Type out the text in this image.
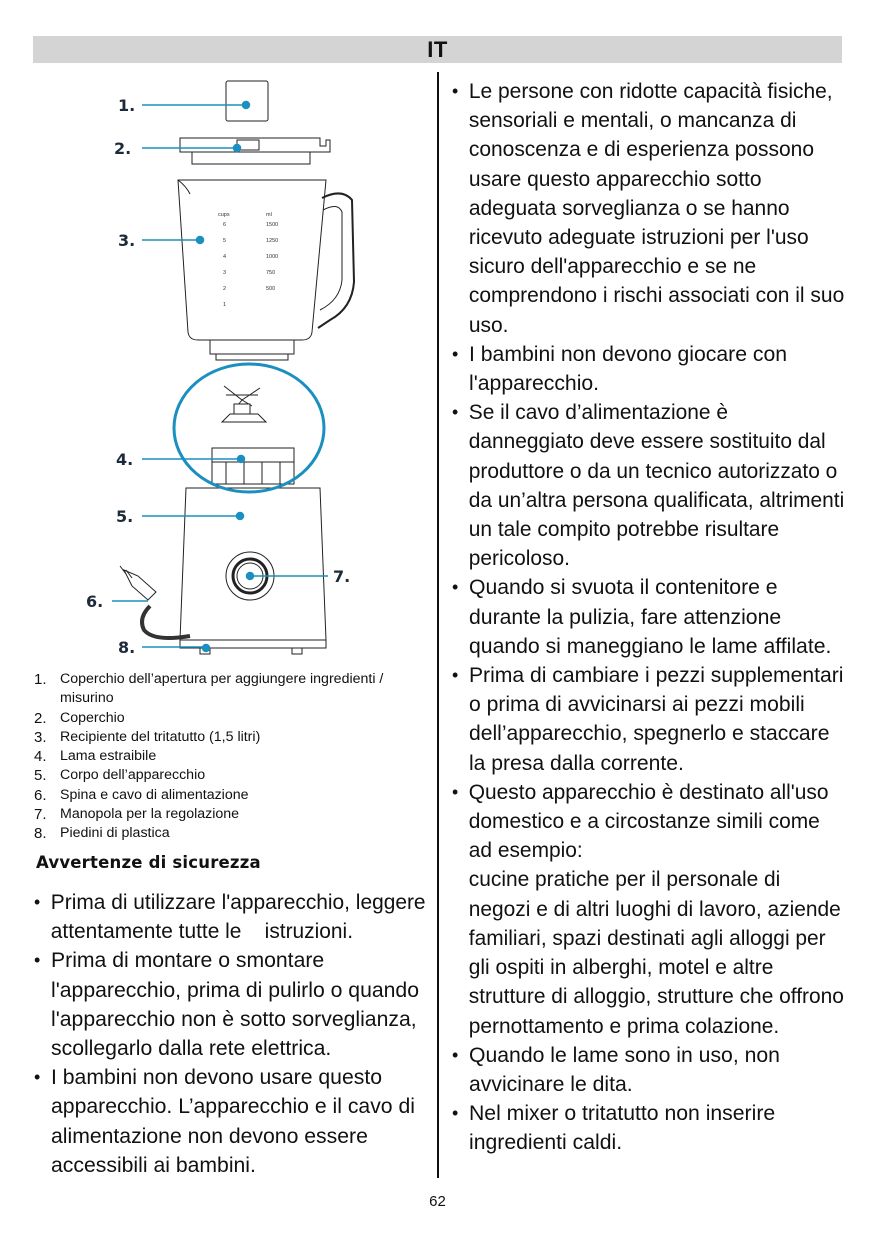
IT
cups	ml
6
5
4
3
2
1
1500
1250
1000
750
500
1.
2.
3.
4.
5.
6.
7.
8.
1. Coperchio dell’apertura per aggiungere ingredienti / misurino
2. Coperchio
3. Recipiente del tritatutto (1,5 litri)
4. Lama estraibile
5. Corpo dell’apparecchio
6. Spina e cavo di alimentazione
7. Manopola per la regolazione
8. Piedini di plastica
Avvertenze di sicurezza
• Prima di utilizzare l'apparecchio, leggere
attentamente tutte le    istruzioni.
• Prima di montare o smontare
l'apparecchio, prima di pulirlo o quando
l'apparecchio non è sotto sorveglianza,
scollegarlo dalla rete elettrica.
• I bambini non devono usare questo
apparecchio. L’apparecchio e il cavo di
alimentazione non devono essere
accessibili ai bambini.
• Le persone con ridotte capacità fisiche,
sensoriali e mentali, o mancanza di
conoscenza e di esperienza possono
usare questo apparecchio sotto
adeguata sorveglianza o se hanno
ricevuto adeguate istruzioni per l'uso
sicuro dell'apparecchio e se ne
comprendono i rischi associati con il suo
uso.
• I bambini non devono giocare con
l'apparecchio.
• Se il cavo d’alimentazione è
danneggiato deve essere sostituito dal
produttore o da un tecnico autorizzato o
da un’altra persona qualificata, altrimenti
un tale compito potrebbe risultare
pericoloso.
• Quando si svuota il contenitore e
durante la pulizia, fare attenzione
quando si maneggiano le lame affilate.
• Prima di cambiare i pezzi supplementari
o prima di avvicinarsi ai pezzi mobili
dell’apparecchio, spegnerlo e staccare
la presa dalla corrente.
• Questo apparecchio è destinato all'uso
domestico e a circostanze simili come
ad esempio:
cucine pratiche per il personale di
negozi e di altri luoghi di lavoro, aziende
familiari, spazi destinati agli alloggi per
gli ospiti in alberghi, motel e altre
strutture di alloggio, strutture che offrono
pernottamento e prima colazione.
• Quando le lame sono in uso, non
avvicinare le dita.
• Nel mixer o tritatutto non inserire
ingredienti caldi.
62
